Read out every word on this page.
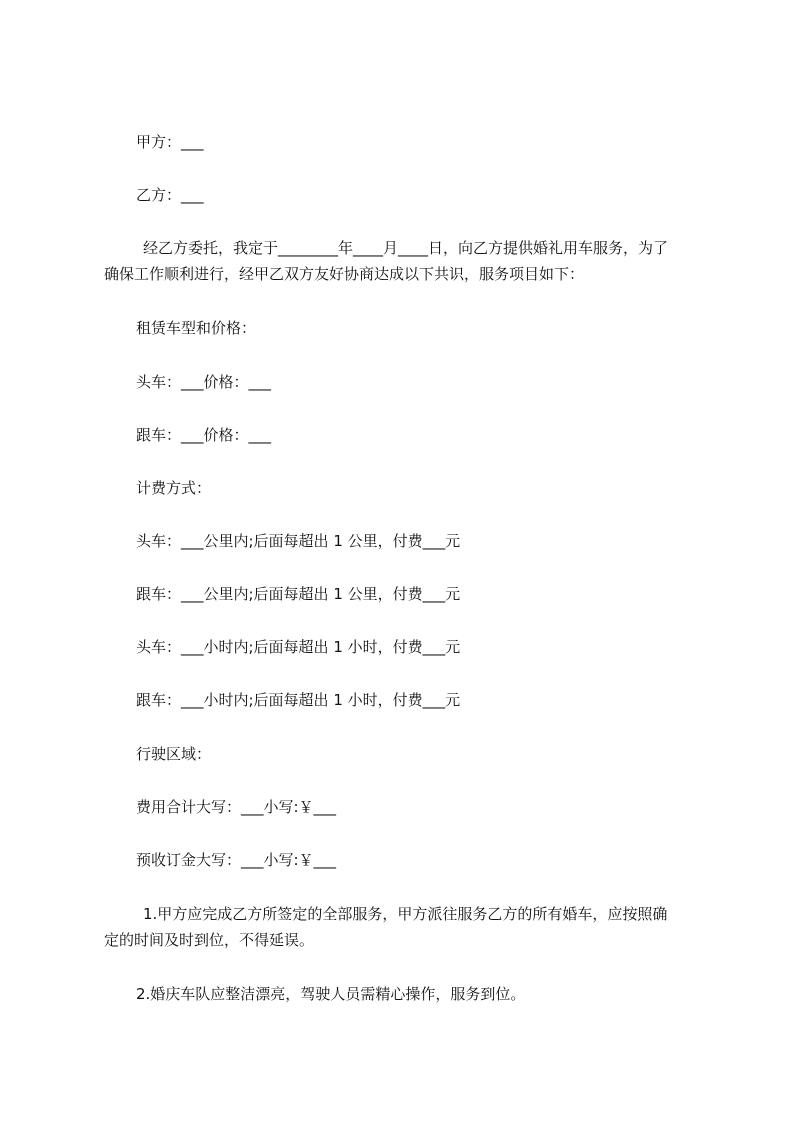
甲方：___
乙方：___
经乙方委托，我定于________年____月____日，向乙方提供婚礼用车服务，为了
确保工作顺利进行，经甲乙双方友好协商达成以下共识，服务项目如下：
租赁车型和价格：
头车：___价格：___
跟车：___价格：___
计费方式：
头车：___公里内;后面每超出 1 公里，付费___元
跟车：___公里内;后面每超出 1 公里，付费___元
头车：___小时内;后面每超出 1 小时，付费___元
跟车：___小时内;后面每超出 1 小时，付费___元
行驶区域：
费用合计大写：___小写:￥___
预收订金大写：___小写:￥___
1.甲方应完成乙方所签定的全部服务，甲方派往服务乙方的所有婚车，应按照确
定的时间及时到位，不得延误。
2.婚庆车队应整洁漂亮，驾驶人员需精心操作，服务到位。
